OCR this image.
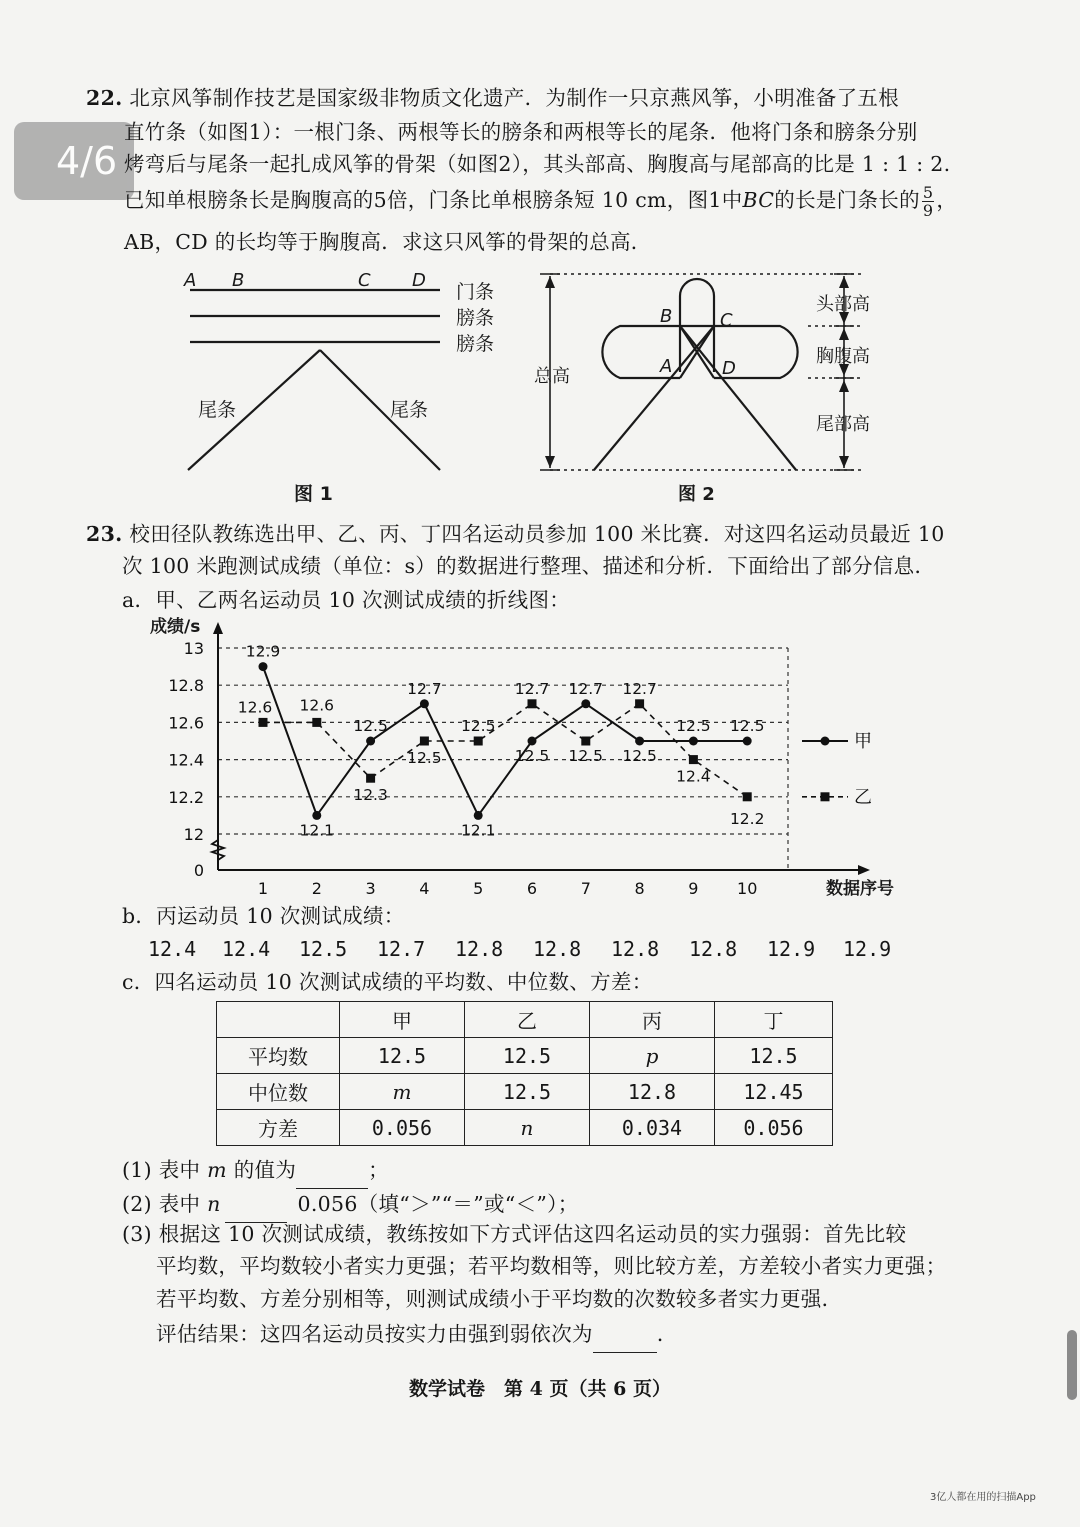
4/6
22. 北京风筝制作技艺是国家级非物质文化遗产．为制作一只京燕风筝，小明准备了五根
直竹条（如图1）：一根门条、两根等长的膀条和两根等长的尾条．他将门条和膀条分别
烤弯后与尾条一起扎成风筝的骨架（如图2），其头部高、胸腹高与尾部高的比是 1 : 1 : 2.
已知单根膀条长是胸腹高的5倍，门条比单根膀条短 10 cm，图1中BC的长是门条长的 $\frac{5}{9}$ ，
AB，CD 的长均等于胸腹高．求这只风筝的骨架的总高．
A B	C D
门条
膀条
膀条
尾条	尾条
图 1
B	C
A	D
总高
头部高
胸腹高
尾部高
图 2
23. 校田径队教练选出甲、乙、丙、丁四名运动员参加 100 米比赛．对这四名运动员最近 10
次 100 米跑测试成绩（单位：s）的数据进行整理、描述和分析．下面给出了部分信息．
a．甲、乙两名运动员 10 次测试成绩的折线图：
成绩/s
数据序号
0
12
12.2
12.4
12.6
12.8
13
1	2	3	4	5	6	7	8	9 10
12.9
12.1
12.7
12.1
12.7
12.6 12.6
12.3
12.5
12.7	12.7
12.4
12.2
12.5	12.5
12.5 12.5 12.5
12.5 12.5
甲
乙
b．丙运动员 10 次测试成绩：
12.4 12.4 12.5 12.7 12.8 12.8 12.8 12.8 12.9 12.9
c．四名运动员 10 次测试成绩的平均数、中位数、方差：
	甲	乙	丙	丁
平均数	12.5	12.5	p	12.5
中位数	m	12.5	12.8	12.45
方差	0.056	n	0.034	0.056
(1) 表中 m 的值为	；
(2) 表中 n	0.056（填“＞”“＝”或“＜”）；
(3) 根据这 10 次测试成绩，教练按如下方式评估这四名运动员的实力强弱：首先比较
平均数，平均数较小者实力更强；若平均数相等，则比较方差，方差较小者实力更强；
若平均数、方差分别相等，则测试成绩小于平均数的次数较多者实力更强．
评估结果：这四名运动员按实力由强到弱依次为	．
数学试卷　第 4 页（共 6 页）
3亿人都在用的扫描App
